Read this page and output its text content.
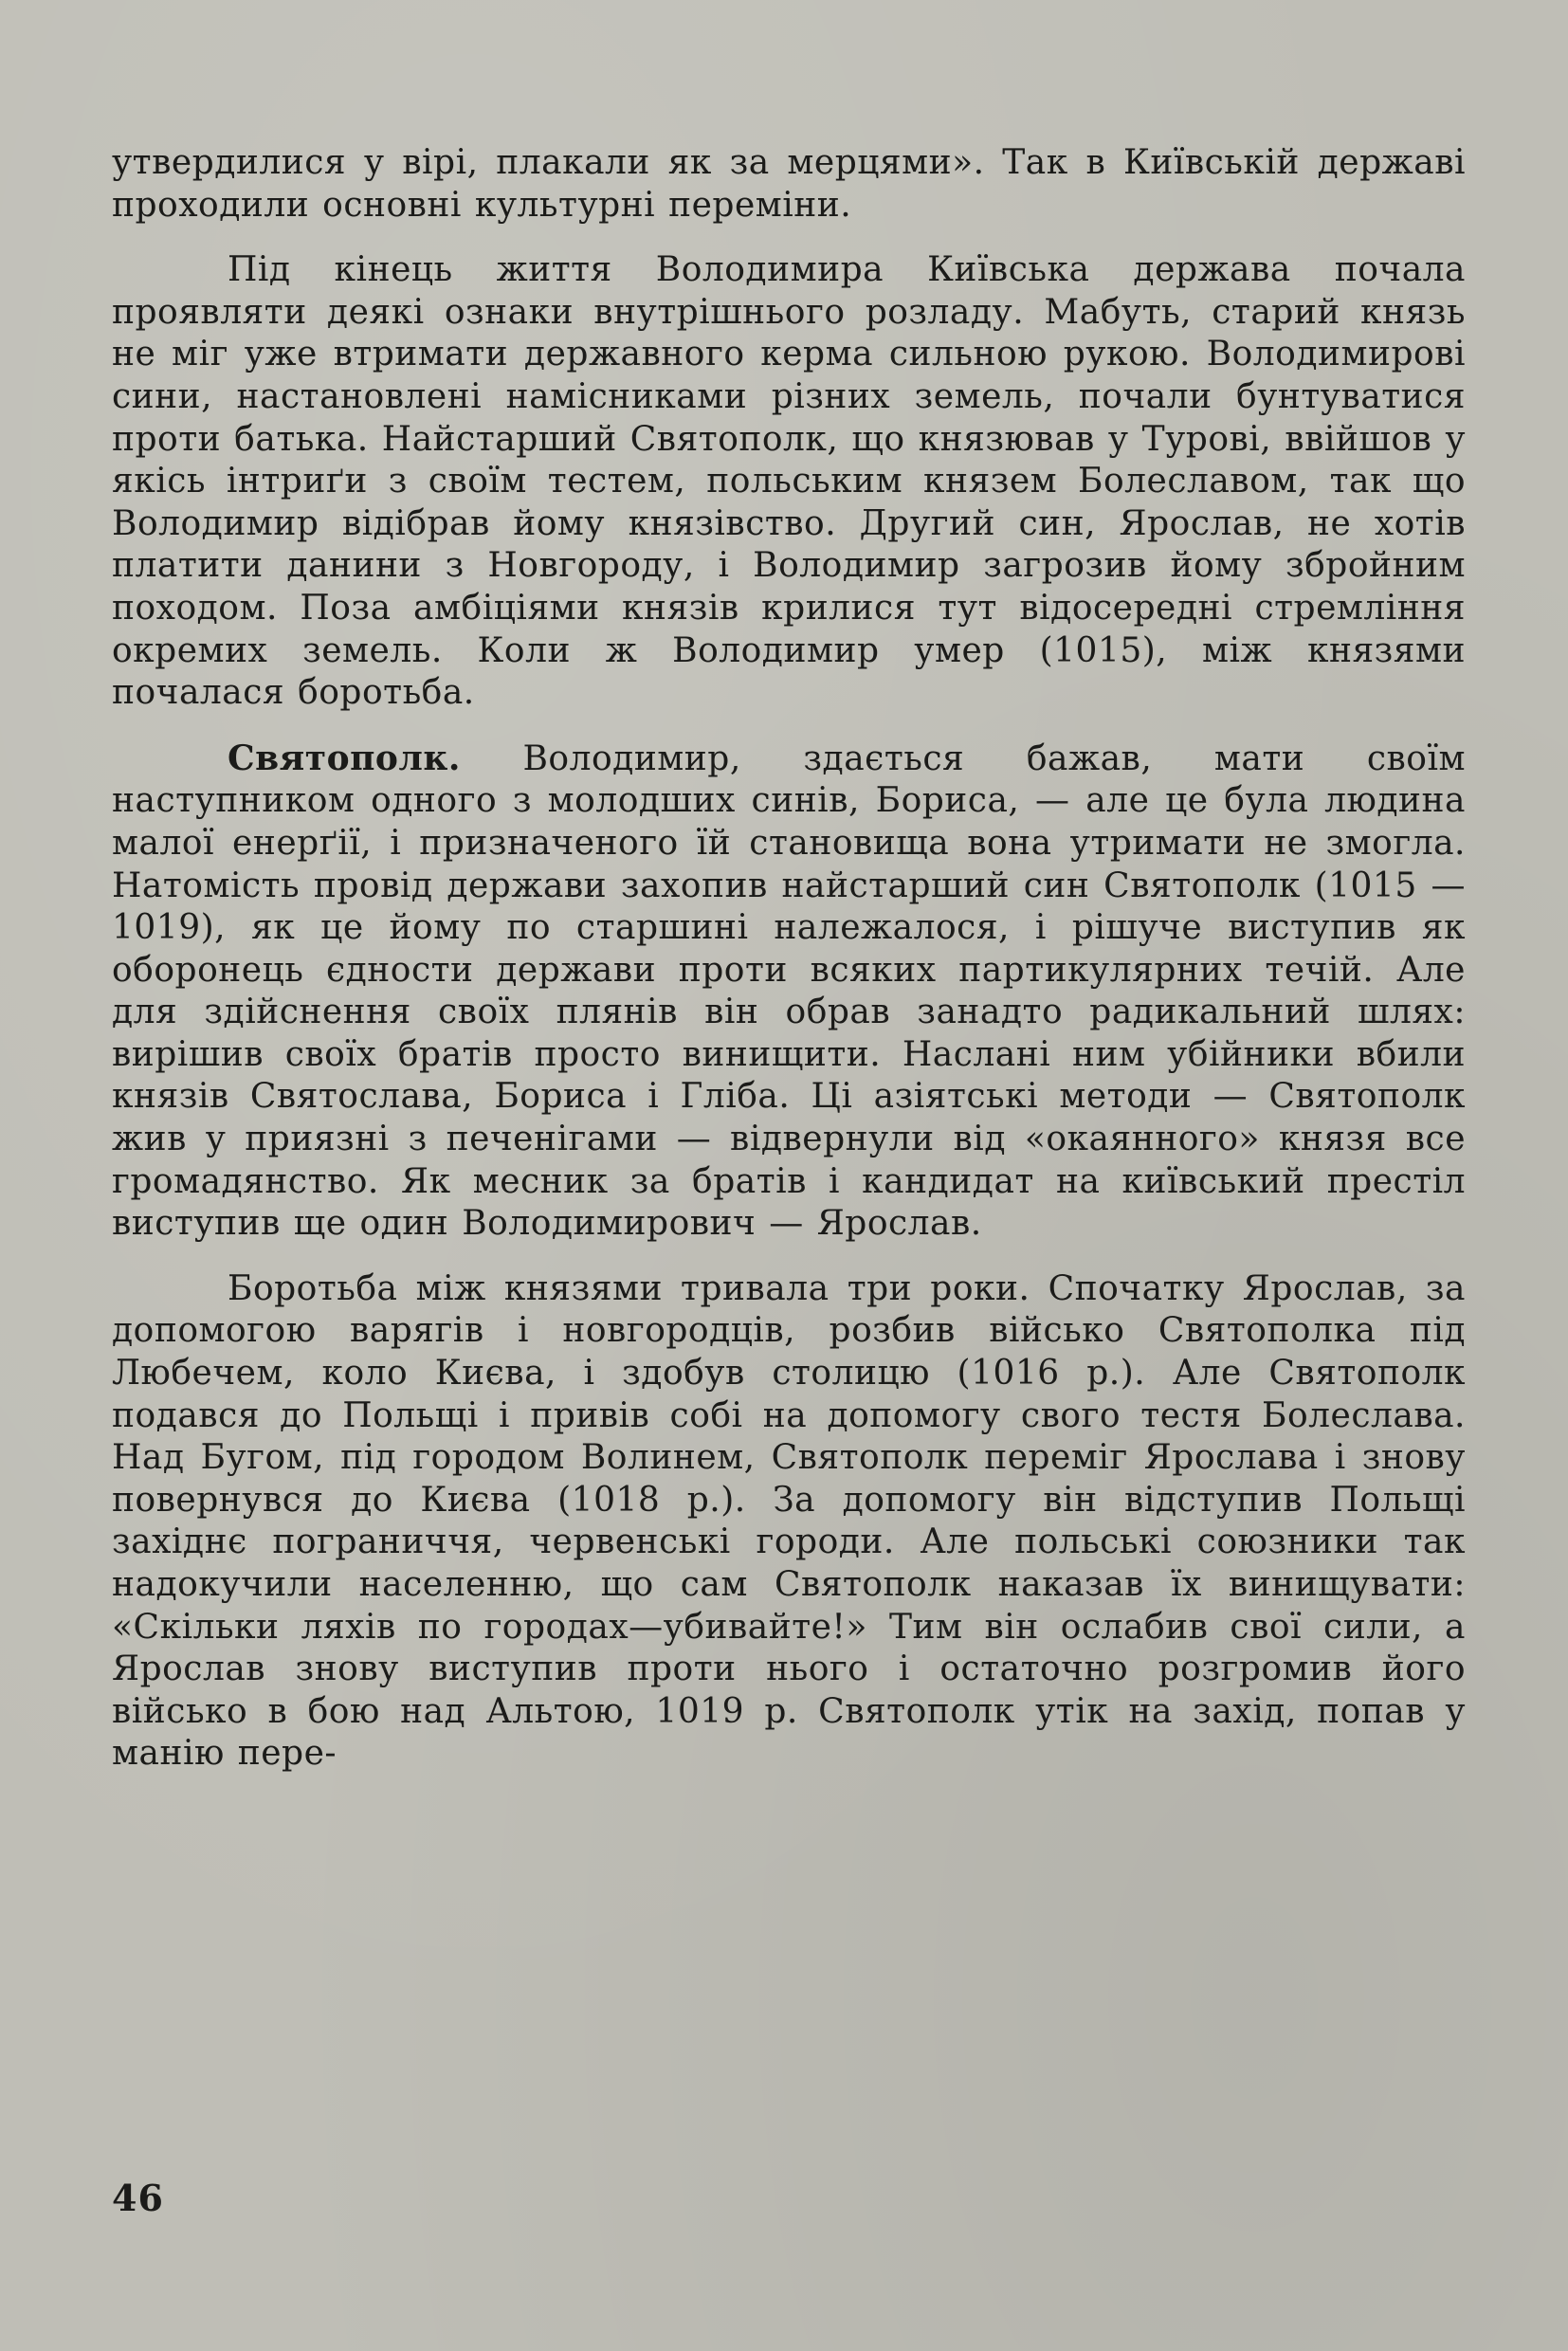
утвердилися у вірі, плакали як за мерцями». Так в Київській державі проходили основні культурні переміни.

Під кінець життя Володимира Київська держава почала проявляти деякі ознаки внутрішнього розладу. Мабуть, старий князь не міг уже втримати державного керма сильною рукою. Володимирові сини, настановлені намісниками різних земель, почали бунтуватися проти батька. Найстарший Святополк, що князював у Турові, ввійшов у якісь інтриґи з своїм тестем, польським князем Болеславом, так що Володимир відібрав йому князівство. Другий син, Ярослав, не хотів платити данини з Новгороду, і Володимир загрозив йому збройним походом. Поза амбіціями князів крилися тут відосередні стремління окремих земель. Коли ж Володимир умер (1015), між князями почалася боротьба.

Святополк. Володимир, здається бажав, мати своїм наступником одного з молодших синів, Бориса, — але це була людина малої енерґії, і призначеного їй становища вона утримати не змогла. Натомість провід держави захопив найстарший син Святополк (1015 — 1019), як це йому по старшині належалося, і рішуче виступив як оборонець єдности держави проти всяких партикулярних течій. Але для здійснення своїх плянів він обрав занадто радикальний шлях: вирішив своїх братів просто винищити. Наслані ним убійники вбили князів Святослава, Бориса і Гліба. Ці азіятські методи — Святополк жив у приязні з печенігами — відвернули від «окаянного» князя все громадянство. Як месник за братів і кандидат на київський престіл виступив ще один Володимирович — Ярослав.

Боротьба між князями тривала три роки. Спочатку Ярослав, за допомогою варягів і новгородців, розбив військо Святополка під Любечем, коло Києва, і здобув столицю (1016 р.). Але Святополк подався до Польщі і привів собі на допомогу свого тестя Болеслава. Над Бугом, під городом Волинем, Святополк переміг Ярослава і знову повернувся до Києва (1018 р.). За допомогу він відступив Польщі західнє пограниччя, червенські городи. Але польські союзники так надокучили населенню, що сам Святополк наказав їх винищувати: «Скільки ляхів по городах—убивайте!» Тим він ослабив свої сили, а Ярослав знову виступив проти нього і остаточно розгромив його військо в бою над Альтою, 1019 р. Святополк утік на захід, попав у манію пере-

46
